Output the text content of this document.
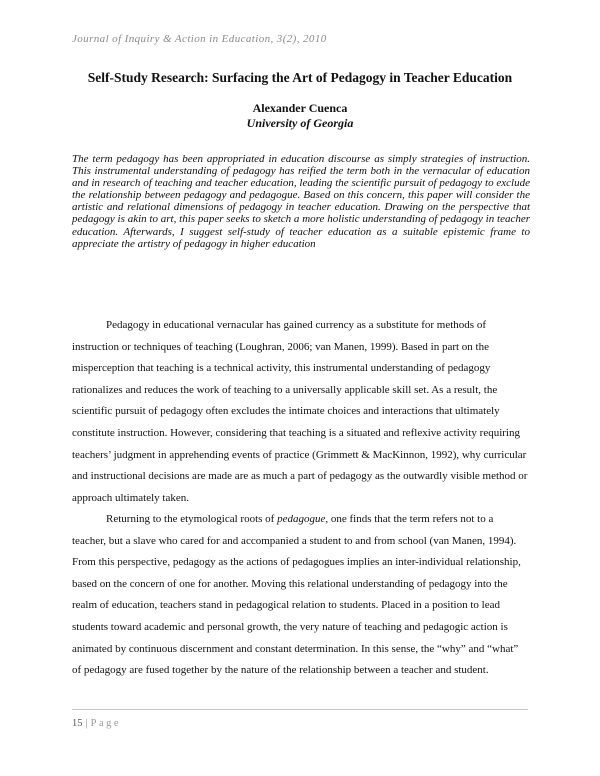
Journal of Inquiry & Action in Education, 3(2), 2010
Self-Study Research: Surfacing the Art of Pedagogy in Teacher Education
Alexander Cuenca
University of Georgia

The term pedagogy has been appropriated in education discourse as simply strategies of instruction. This instrumental understanding of pedagogy has reified the term both in the vernacular of education and in research of teaching and teacher education, leading the scientific pursuit of pedagogy to exclude the relationship between pedagogy and pedagogue. Based on this concern, this paper will consider the artistic and relational dimensions of pedagogy in teacher education. Drawing on the perspective that pedagogy is akin to art, this paper seeks to sketch a more holistic understanding of pedagogy in teacher education. Afterwards, I suggest self-study of teacher education as a suitable epistemic frame to appreciate the artistry of pedagogy in higher education

Pedagogy in educational vernacular has gained currency as a substitute for methods of instruction or techniques of teaching (Loughran, 2006; van Manen, 1999). Based in part on the misperception that teaching is a technical activity, this instrumental understanding of pedagogy rationalizes and reduces the work of teaching to a universally applicable skill set. As a result, the scientific pursuit of pedagogy often excludes the intimate choices and interactions that ultimately constitute instruction. However, considering that teaching is a situated and reflexive activity requiring teachers’ judgment in apprehending events of practice (Grimmett & MacKinnon, 1992), why curricular and instructional decisions are made are as much a part of pedagogy as the outwardly visible method or approach ultimately taken.

Returning to the etymological roots of pedagogue, one finds that the term refers not to a teacher, but a slave who cared for and accompanied a student to and from school (van Manen, 1994). From this perspective, pedagogy as the actions of pedagogues implies an inter-individual relationship, based on the concern of one for another. Moving this relational understanding of pedagogy into the realm of education, teachers stand in pedagogical relation to students. Placed in a position to lead students toward academic and personal growth, the very nature of teaching and pedagogic action is animated by continuous discernment and constant determination. In this sense, the “why” and “what” of pedagogy are fused together by the nature of the relationship between a teacher and student.

15 | Page
